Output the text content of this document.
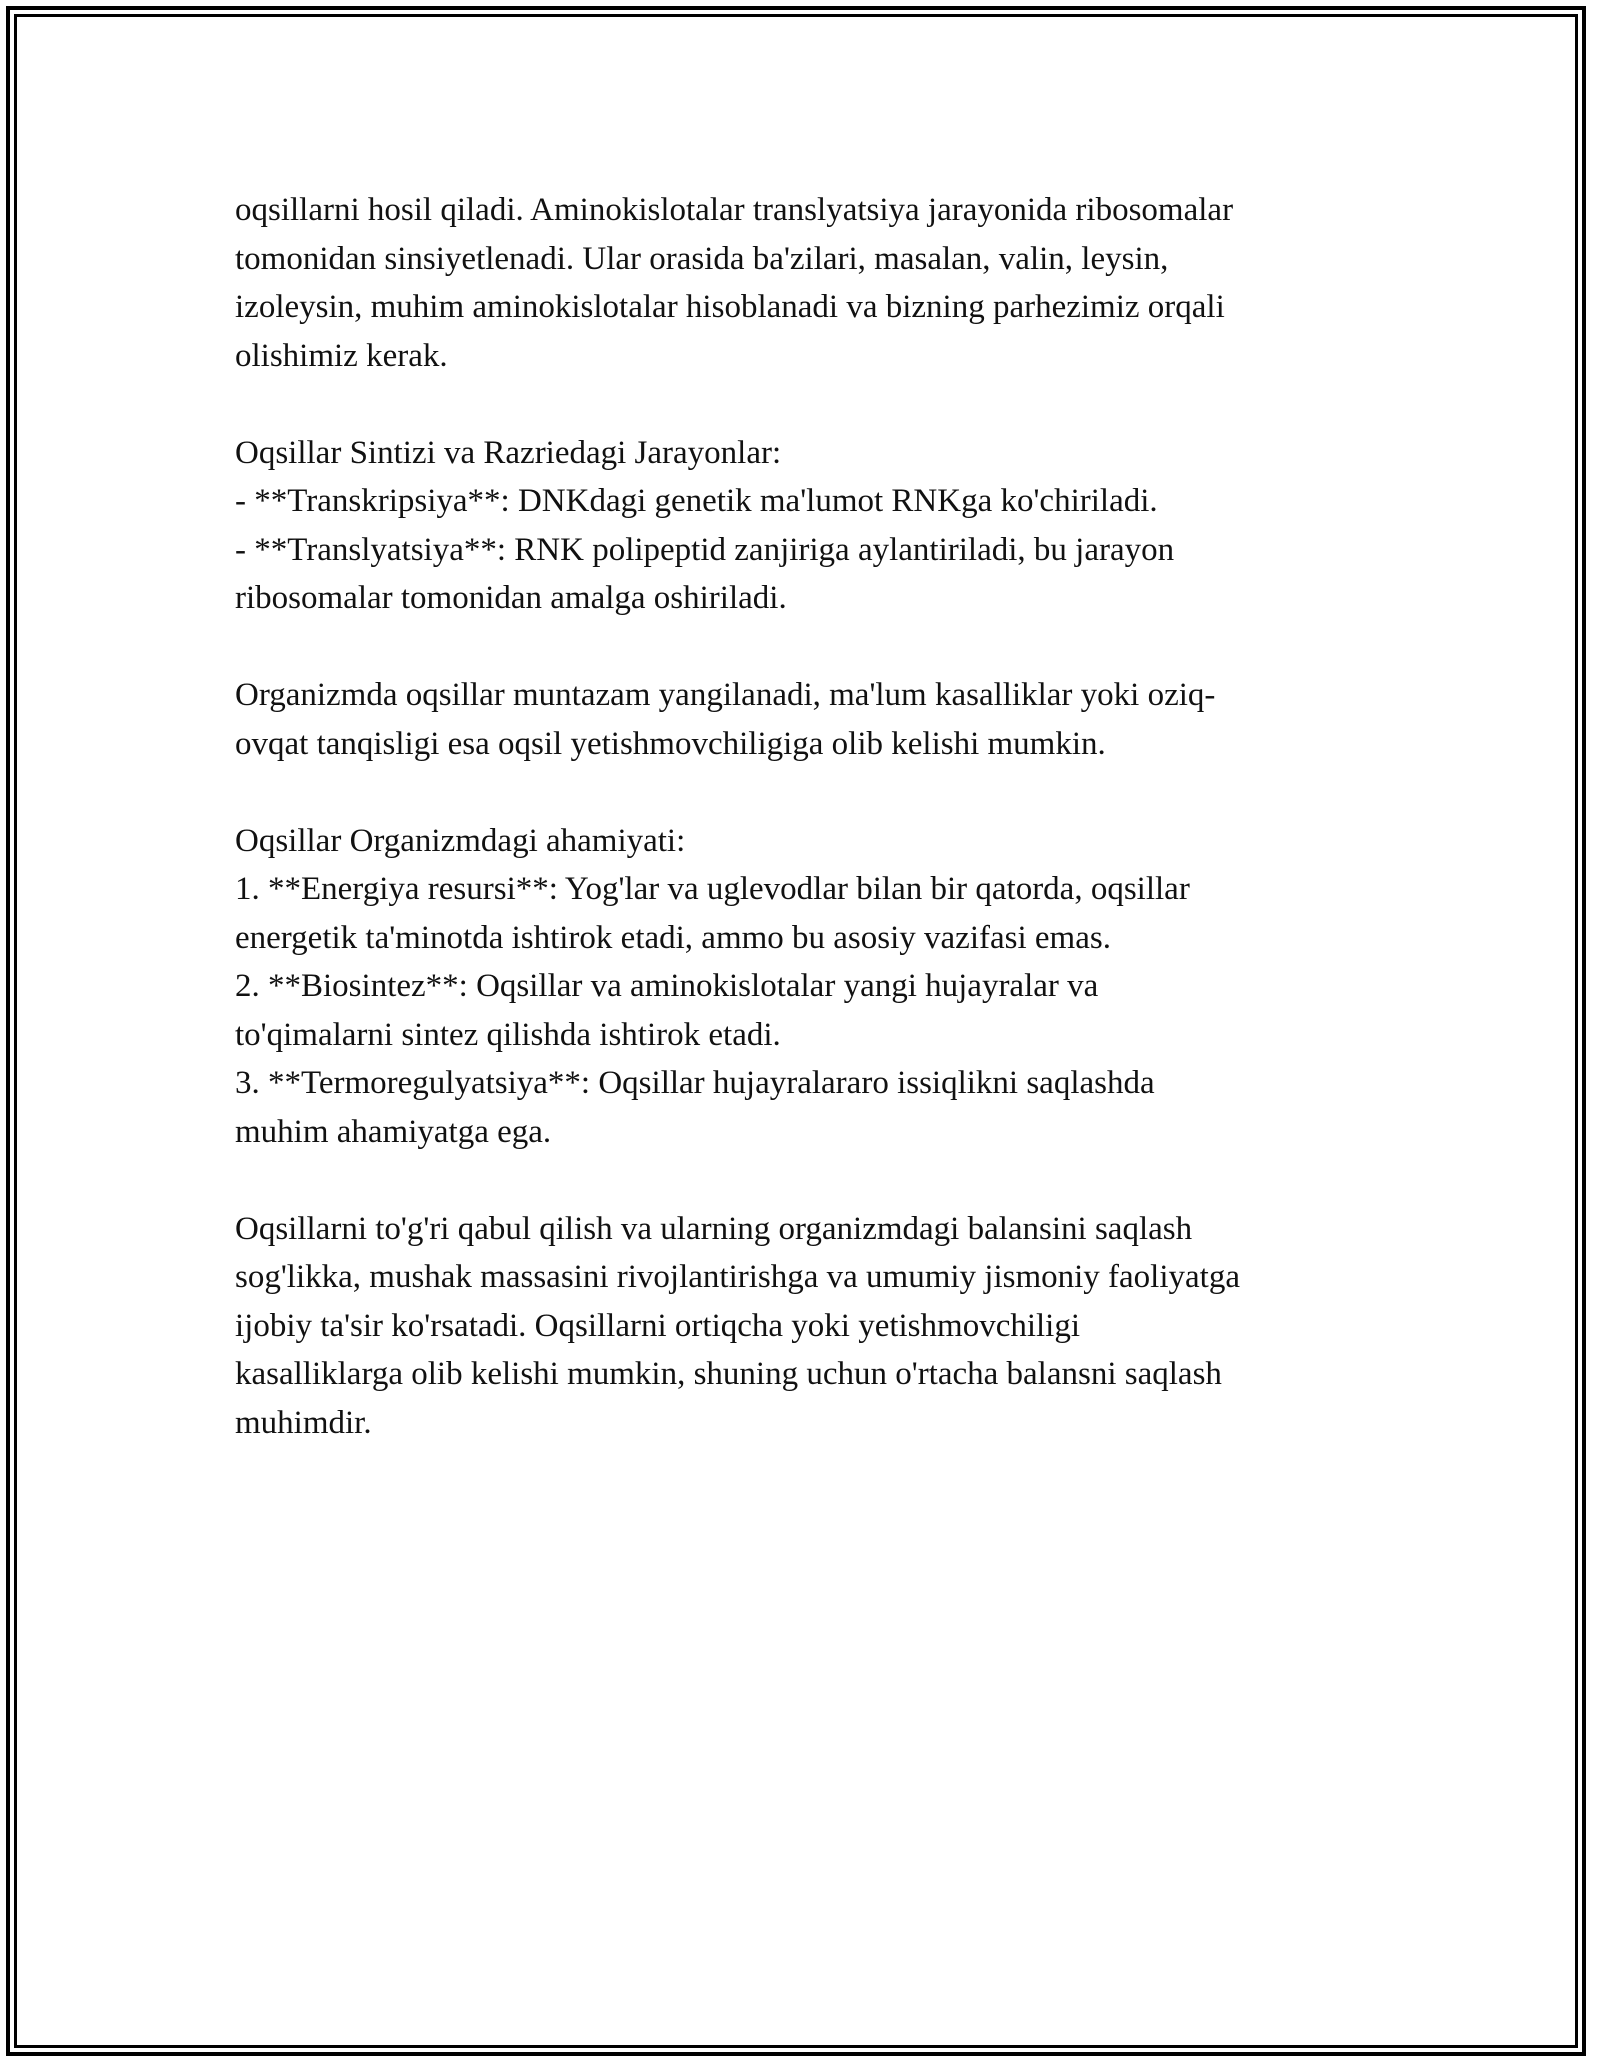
oqsillarni hosil qiladi. Aminokislotalar translyatsiya jarayonida ribosomalar
tomonidan sinsiyetlenadi. Ular orasida ba'zilari, masalan, valin, leysin,
izoleysin, muhim aminokislotalar hisoblanadi va bizning parhezimiz orqali
olishimiz kerak.
Oqsillar Sintizi va Razriedagi Jarayonlar:
- **Transkripsiya**: DNKdagi genetik ma'lumot RNKga ko'chiriladi.
- **Translyatsiya**: RNK polipeptid zanjiriga aylantiriladi, bu jarayon
ribosomalar tomonidan amalga oshiriladi.
Organizmda oqsillar muntazam yangilanadi, ma'lum kasalliklar yoki oziq-
ovqat tanqisligi esa oqsil yetishmovchiligiga olib kelishi mumkin.
Oqsillar Organizmdagi ahamiyati:
1. **Energiya resursi**: Yog'lar va uglevodlar bilan bir qatorda, oqsillar
energetik ta'minotda ishtirok etadi, ammo bu asosiy vazifasi emas.
2. **Biosintez**: Oqsillar va aminokislotalar yangi hujayralar va
to'qimalarni sintez qilishda ishtirok etadi.
3. **Termoregulyatsiya**: Oqsillar hujayralararo issiqlikni saqlashda
muhim ahamiyatga ega.
Oqsillarni to'g'ri qabul qilish va ularning organizmdagi balansini saqlash
sog'likka, mushak massasini rivojlantirishga va umumiy jismoniy faoliyatga
ijobiy ta'sir ko'rsatadi. Oqsillarni ortiqcha yoki yetishmovchiligi
kasalliklarga olib kelishi mumkin, shuning uchun o'rtacha balansni saqlash
muhimdir.
